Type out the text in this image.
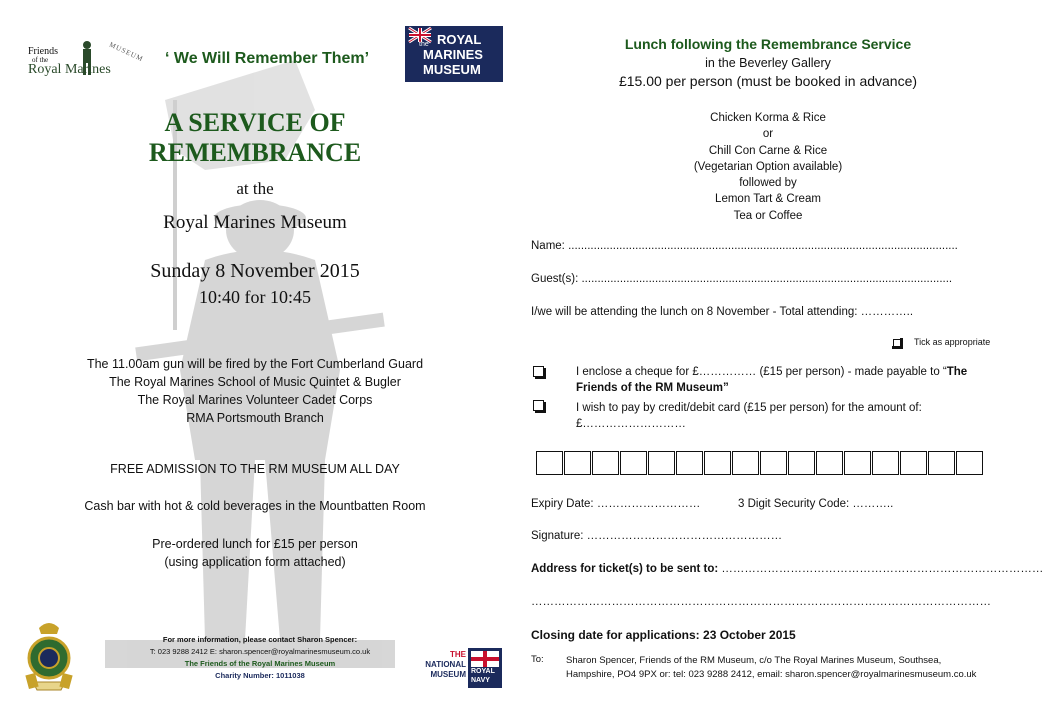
Friends
of the
Royal Marines
MUSEUM ‘ We Will Remember Them’
the ROYAL
MARINES
MUSEUM
A SERVICE OF
REMEMBRANCE
at the
Royal Marines Museum
Sunday 8 November 2015
10:40 for 10:45
The 11.00am gun will be fired by the Fort Cumberland Guard
The Royal Marines School of Music Quintet & Bugler
The Royal Marines Volunteer Cadet Corps
RMA Portsmouth Branch
FREE ADMISSION TO THE RM MUSEUM ALL DAY
Cash bar with hot & cold beverages in the Mountbatten Room
Pre-ordered lunch for £15 per person
(using application form attached)
For more information, please contact Sharon Spencer:
T: 023 9288 2412 E: sharon.spencer@royalmarinesmuseum.co.uk
The Friends of the Royal Marines Museum
Charity Number: 1011038
THE
NATIONAL
MUSEUM ROYAL
NAVY
Lunch following the Remembrance Service
in the Beverley Gallery
£15.00 per person (must be booked in advance)
Chicken Korma & Rice
or
Chill Con Carne & Rice
(Vegetarian Option available)
followed by
Lemon Tart & Cream
Tea or Coffee
Name: ..........................................................................................................................
Guest(s): ....................................................................................................................
I/we will be attending the lunch on 8 November - Total attending: …………..
Tick as appropriate
I enclose a cheque for £…………… (£15 per person) - made payable to “The
Friends of the RM Museum”
I wish to pay by credit/debit card (£15 per person) for the amount of:
£………………………
Expiry Date: ………………………	3 Digit Security Code: ………..
Signature: ……………………………………………
Address for ticket(s) to be sent to: …………………………………………………………………………
…………………………………………………………………………………………………………
Closing date for applications: 23 October 2015
To: Sharon Spencer, Friends of the RM Museum, c/o The Royal Marines Museum, Southsea,
Hampshire, PO4 9PX or: tel: 023 9288 2412, email: sharon.spencer@royalmarinesmuseum.co.uk
